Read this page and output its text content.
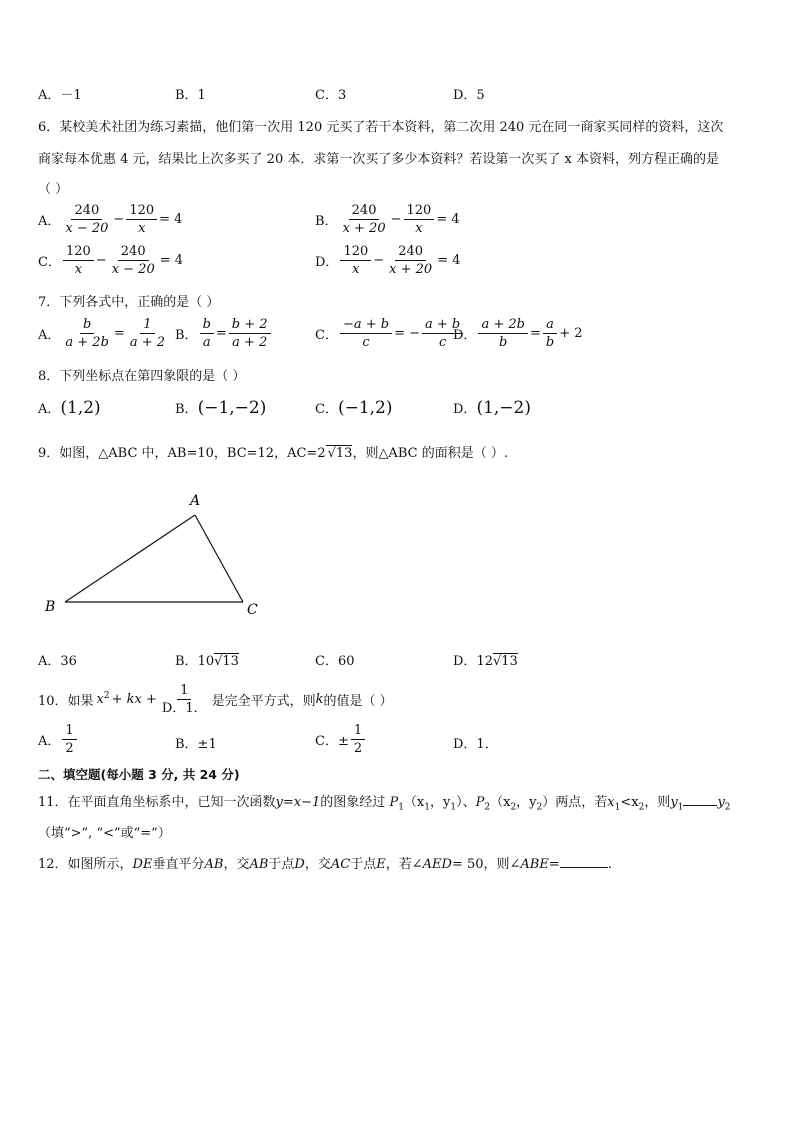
A．－1	B．1	C．3	D．5
6．某校美术社团为练习素描，他们第一次用 120 元买了若干本资料，第二次用 240 元在同一商家买同样的资料，这次
商家每本优惠 4 元，结果比上次多买了 20 本．求第一次买了多少本资料？若设第一次买了 x 本资料，列方程正确的是
（ ）
A． $\frac{240}{x - 20} - \frac{120}{x} = 4$	B． $\frac{240}{x + 20} - \frac{120}{x} = 4$
C． $\frac{120}{x} - \frac{240}{x - 20} = 4$	D． $\frac{120}{x} - \frac{240}{x + 20} = 4$
7．下列各式中，正确的是（ ）
A． $\frac{b}{a + 2b} = \frac{1}{a + 2}$ B． $\frac{b}{a} = \frac{b + 2}{a + 2}$	C． $\frac{-a + b}{c}$ = − $\frac{a + b}{c}$
D． $\frac{a + 2b}{b} = \frac{a}{b} + 2$
8．下列坐标点在第四象限的是（ ）
A．(1,2)	B．(−1,−2)	C．(−1,2)	D．(1,−2)
9．如图，△ABC 中，AB=10，BC=12，AC=2 √13，则△ABC 的面积是（ ）.
A
B	C
A．36	B．10√13	C．60	D．12√13
10．如果 $x^2$ + kx + $\frac{1}{D.1.}$ 是完全平方式，则 k 的值是（ ）
A． $\frac{1}{2}$	B．±1	C．± $\frac{1}{2}$	D．1．
二、填空题(每小题 3 分, 共 24 分)
11．在平面直角坐标系中，已知一次函数y=x−1的图象经过 $P_1(x_1$，$y_1$）、$P_2(x_2$，$y_2$）两点，若$x_1<x_2$，则$y_1$	$y_2$
（填“>”, “<”或“=”）
12．如图所示，DE垂直平分AB，交AB于点D，交AC于点E，若∠AED= 50，则∠ABE=	.
